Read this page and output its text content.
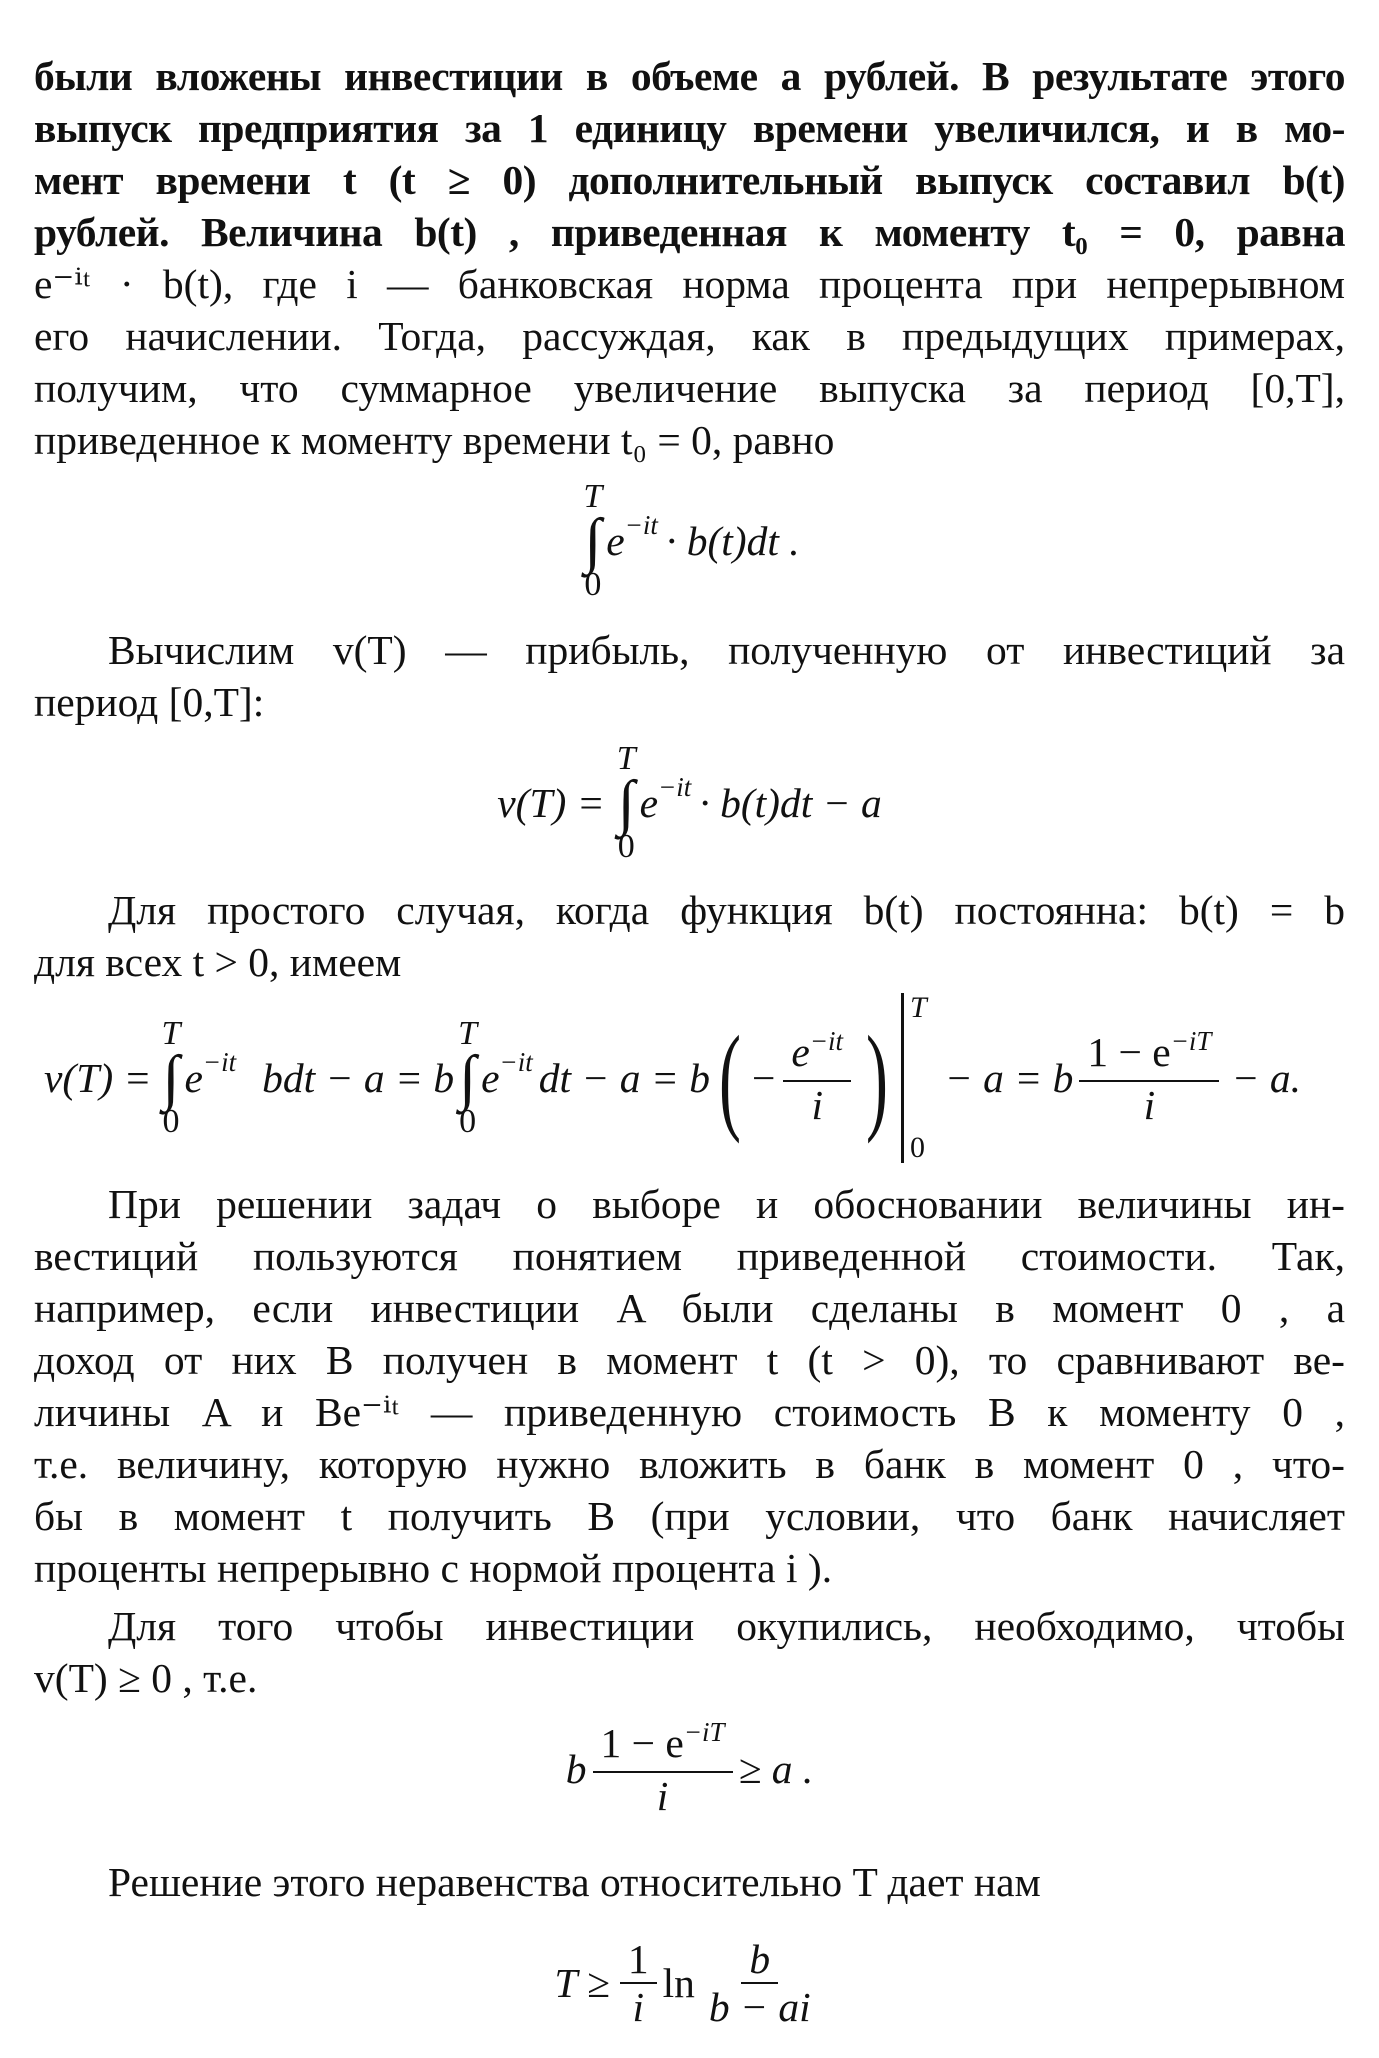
были вложены инвестиции в объеме a рублей. В результате этого

выпуск предприятия за 1 единицу времени увеличился, и в мо-

мент времени t (t ≥ 0) дополнительный выпуск составил b(t)

рублей. Величина b(t) , приведенная к моменту t₀ = 0, равна

e⁻ⁱᵗ · b(t), где i — банковская норма процента при непрерывном

его начислении. Тогда, рассуждая, как в предыдущих примерах,

получим, что суммарное увеличение выпуска за период [0,T],

приведенное к моменту времени t₀ = 0, равно

T
∫
0
e −it · b(t)dt .

Вычислим v(T) — прибыль, полученную от инвестиций за

период [0,T]:

v(T) =
T
∫
0
e −it · b(t)dt − a

Для простого случая, когда функция b(t) постоянна: b(t) = b

для всех t > 0, имеем

v(T) =
T
∫
0
e −it bdt − a = b
T
∫
0
e −it dt − a = b ( − $\frac{e^{-it}}{i}$ )
T
0
− a = b $\frac{1 - e^{-iT}}{i} - a$.

При решении задач о выборе и обосновании величины ин-

вестиций пользуются понятием приведенной стоимости. Так,

например, если инвестиции A были сделаны в момент 0 , а

доход от них B получен в момент t (t > 0), то сравнивают ве-

личины A и Be⁻ⁱᵗ — приведенную стоимость B к моменту 0 ,

т.е. величину, которую нужно вложить в банк в момент 0 , что-

бы в момент t получить B (при условии, что банк начисляет

проценты непрерывно с нормой процента i ).

Для того чтобы инвестиции окупились, необходимо, чтобы

v(T) ≥ 0 , т.е.

b $\frac{1 - e^{-iT}}{i} \ge a$ .

Решение этого неравенства относительно T дает нам

$T \ge \frac{1}{i}$ $\ln \frac{b}{b - ai}$
